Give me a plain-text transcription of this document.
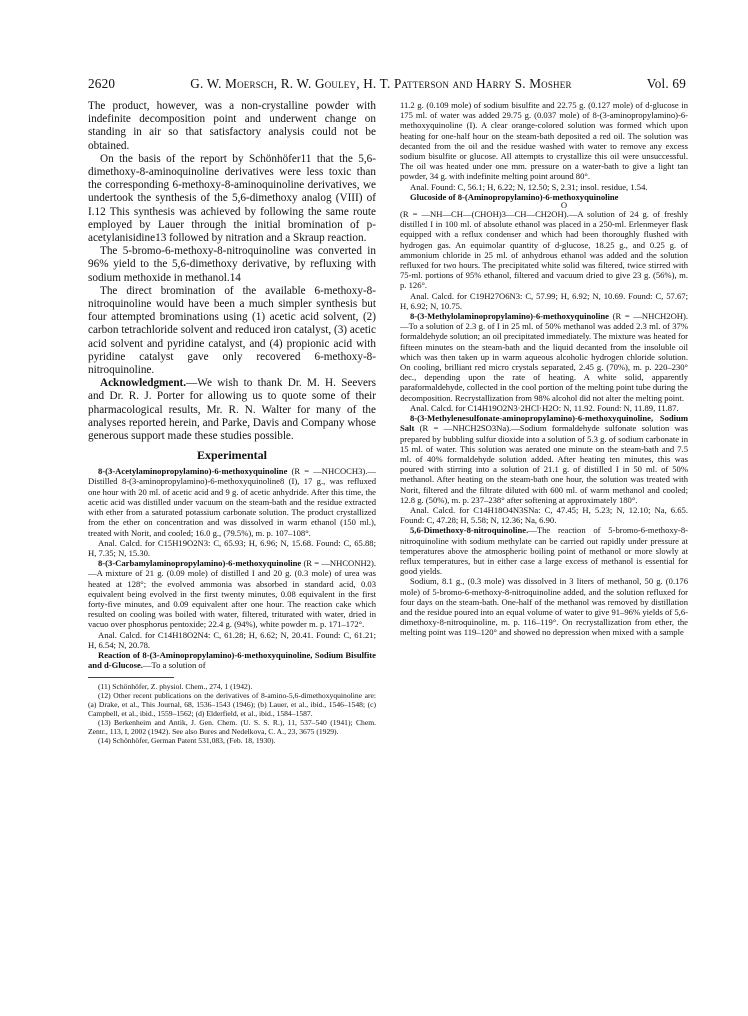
2620	G. W. Moersch, R. W. Gouley, H. T. Patterson and Harry S. Mosher	Vol. 69

The product, however, was a non-crystalline powder with indefinite decomposition point and underwent change on standing in air so that satisfactory analysis could not be obtained.

On the basis of the report by Schönhöfer11 that the 5,6-dimethoxy-8-aminoquinoline derivatives were less toxic than the corresponding 6-methoxy-8-aminoquinoline derivatives, we undertook the synthesis of the 5,6-dimethoxy analog (VIII) of I.12 This synthesis was achieved by following the same route employed by Lauer through the initial bromination of p-acetylanisidine13 followed by nitration and a Skraup reaction.

The 5-bromo-6-methoxy-8-nitroquinoline was converted in 96% yield to the 5,6-dimethoxy derivative, by refluxing with sodium methoxide in methanol.14

The direct bromination of the available 6-methoxy-8-nitroquinoline would have been a much simpler synthesis but four attempted brominations using (1) acetic acid solvent, (2) carbon tetrachloride solvent and reduced iron catalyst, (3) acetic acid solvent and pyridine catalyst, and (4) propionic acid with pyridine catalyst gave only recovered 6-methoxy-8-nitroquinoline.

Acknowledgment.—We wish to thank Dr. M. H. Seevers and Dr. R. J. Porter for allowing us to quote some of their pharmacological results, Mr. R. N. Walter for many of the analyses reported herein, and Parke, Davis and Company whose generous support made these studies possible.

Experimental

8-(3-Acetylaminopropylamino)-6-methoxyquinoline (R = —NHCOCH3).—Distilled 8-(3-aminopropylamino)-6-methoxyquinoline8 (I), 17 g., was refluxed one hour with 20 ml. of acetic acid and 9 g. of acetic anhydride. After this time, the acetic acid was distilled under vacuum on the steam-bath and the residue extracted with ether from a saturated potassium carbonate solution. The product crystallized from the ether on concentration and was dissolved in warm ethanol (150 ml.), treated with Norit, and cooled; 16.0 g., (79.5%), m. p. 107–108°.

Anal. Calcd. for C15H19O2N3: C, 65.93; H, 6.96; N, 15.68. Found: C, 65.88; H, 7.35; N, 15.30.

8-(3-Carbamylaminopropylamino)-6-methoxyquinoline (R = —NHCONH2).—A mixture of 21 g. (0.09 mole) of distilled I and 20 g. (0.3 mole) of urea was heated at 128°; the evolved ammonia was absorbed in standard acid, 0.03 equivalent being evolved in the first twenty minutes, 0.08 equivalent in the first forty-five minutes, and 0.09 equivalent after one hour. The reaction cake which resulted on cooling was boiled with water, filtered, triturated with water, dried in vacuo over phosphorus pentoxide; 22.4 g. (94%), white powder m. p. 171–172°.

Anal. Calcd. for C14H18O2N4: C, 61.28; H, 6.62; N, 20.41. Found: C, 61.21; H, 6.54; N, 20.78.

Reaction of 8-(3-Aminopropylamino)-6-methoxyquinoline, Sodium Bisulfite and d-Glucose.—To a solution of

(11) Schönhöfer, Z. physiol. Chem., 274, 1 (1942).

(12) Other recent publications on the derivatives of 8-amino-5,6-dimethoxyquinoline are: (a) Drake, et al., This Journal, 68, 1536–1543 (1946); (b) Lauer, et al., ibid., 1546–1548; (c) Campbell, et al., ibid., 1559–1562; (d) Elderfield, et al., ibid., 1584–1587.

(13) Berkenheim and Antik, J. Gen. Chem. (U. S. S. R.), 11, 537–540 (1941); Chem. Zentr., 113, I, 2002 (1942). See also Bures and Nedelkova, C. A., 23, 3675 (1929).

(14) Schönhöfer, German Patent 531,083, (Feb. 18, 1930).

11.2 g. (0.109 mole) of sodium bisulfite and 22.75 g. (0.127 mole) of d-glucose in 175 ml. of water was added 29.75 g. (0.037 mole) of 8-(3-aminopropylamino)-6-methoxyquinoline (I). A clear orange-colored solution was formed which upon heating for one-half hour on the steam-bath deposited a red oil. The solution was decanted from the oil and the residue washed with water to remove any excess sodium bisulfite or glucose. All attempts to crystallize this oil were unsuccessful. The oil was heated under one mm. pressure on a water-bath to give a light tan powder, 34 g. with indefinite melting point around 80°.

Anal. Found: C, 56.1; H, 6.22; N, 12.50; S, 2.31; insol. residue, 1.54.

Glucoside of 8-(Aminopropylamino)-6-methoxyquinoline

O

(R = —NH—CH—(CHOH)3—CH—CH2OH).—A solution of 24 g. of freshly distilled I in 100 ml. of absolute ethanol was placed in a 250-ml. Erlenmeyer flask equipped with a reflux condenser and which had been thoroughly flushed with hydrogen gas. An equimolar quantity of d-glucose, 18.25 g., and 0.25 g. of ammonium chloride in 25 ml. of anhydrous ethanol was added and the solution refluxed for two hours. The precipitated white solid was filtered, twice stirred with 75-ml. portions of 95% ethanol, filtered and vacuum dried to give 23 g. (56%), m. p. 126°.

Anal. Calcd. for C19H27O6N3: C, 57.99; H, 6.92; N, 10.69. Found: C, 57.67; H, 6.92; N, 10.75.

8-(3-Methylolaminopropylamino)-6-methoxyquinoline (R = —NHCH2OH).—To a solution of 2.3 g. of I in 25 ml. of 50% methanol was added 2.3 ml. of 37% formaldehyde solution; an oil precipitated immediately. The mixture was heated for fifteen minutes on the steam-bath and the liquid decanted from the insoluble oil which was then taken up in warm aqueous alcoholic hydrogen chloride solution. On cooling, brilliant red micro crystals separated, 2.45 g. (70%), m. p. 220–230° dec., depending upon the rate of heating. A white solid, apparently paraformaldehyde, collected in the cool portion of the melting point tube during the decomposition. Recrystallization from 98% alcohol did not alter the melting point.

Anal. Calcd. for C14H19O2N3·2HCl·H2O: N, 11.92. Found: N, 11.89, 11.87.

8-(3-Methylenesulfonate-aminopropylamino)-6-methoxyquinoline, Sodium Salt (R = —NHCH2SO3Na).—Sodium formaldehyde sulfonate solution was prepared by bubbling sulfur dioxide into a solution of 5.3 g. of sodium carbonate in 15 ml. of water. This solution was aerated one minute on the steam-bath and 7.5 ml. of 40% formaldehyde solution added. After heating ten minutes, this was poured with stirring into a solution of 21.1 g. of distilled I in 50 ml. of 50% methanol. After heating on the steam-bath one hour, the solution was treated with Norit, filtered and the filtrate diluted with 600 ml. of warm methanol and cooled; 12.8 g. (50%), m. p. 237–238° after softening at approximately 180°.

Anal. Calcd. for C14H18O4N3SNa: C, 47.45; H, 5.23; N, 12.10; Na, 6.65. Found: C, 47.28; H, 5.58; N, 12.36; Na, 6.90.

5,6-Dimethoxy-8-nitroquinoline.—The reaction of 5-bromo-6-methoxy-8-nitroquinoline with sodium methylate can be carried out rapidly under pressure at temperatures above the atmospheric boiling point of methanol or more slowly at reflux temperatures, but in either case a large excess of methanol is essential for good yields.

Sodium, 8.1 g., (0.3 mole) was dissolved in 3 liters of methanol, 50 g. (0.176 mole) of 5-bromo-6-methoxy-8-nitroquinoline added, and the solution refluxed for four days on the steam-bath. One-half of the methanol was removed by distillation and the residue poured into an equal volume of water to give 91–96% yields of 5,6-dimethoxy-8-nitroquinoline, m. p. 116–119°. On recrystallization from ether, the melting point was 119–120° and showed no depression when mixed with a sample
